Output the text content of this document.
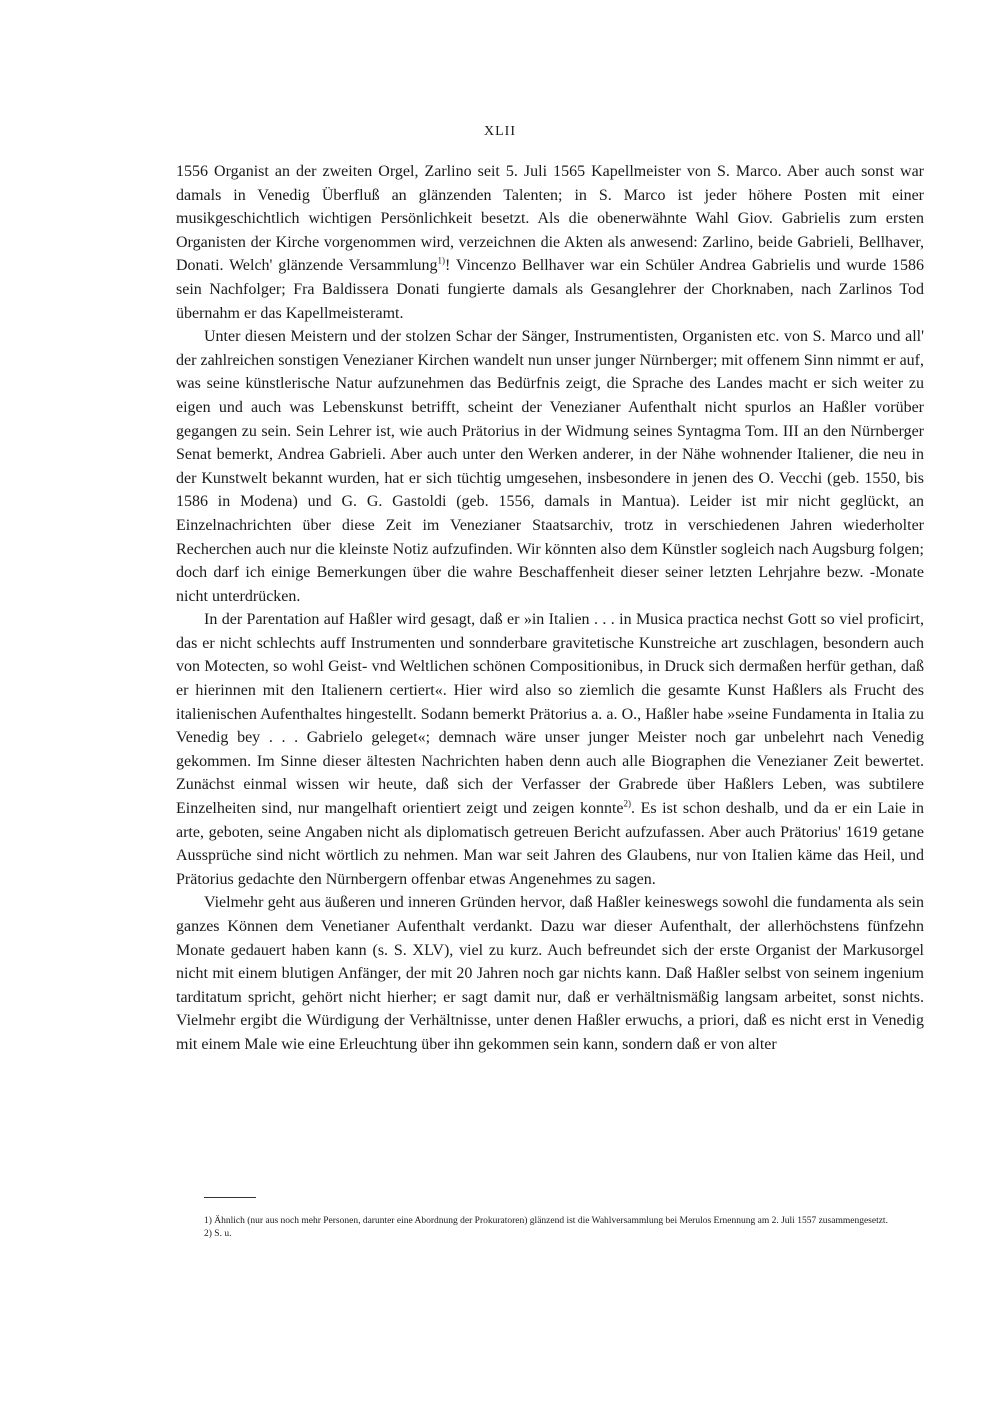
XLII

1556 Organist an der zweiten Orgel, Zarlino seit 5. Juli 1565 Kapellmeister von S. Marco. Aber auch sonst war damals in Venedig Überfluß an glänzenden Talenten; in S. Marco ist jeder höhere Posten mit einer musikgeschichtlich wichtigen Persönlichkeit besetzt. Als die obenerwähnte Wahl Giov. Gabrielis zum ersten Organisten der Kirche vorgenommen wird, verzeichnen die Akten als anwesend: Zarlino, beide Gabrieli, Bellhaver, Donati. Welch' glänzende Versammlung$^{1)}$! Vincenzo Bellhaver war ein Schüler Andrea Gabrielis und wurde 1586 sein Nachfolger; Fra Baldissera Donati fungierte damals als Gesanglehrer der Chorknaben, nach Zarlinos Tod übernahm er das Kapellmeisteramt.

Unter diesen Meistern und der stolzen Schar der Sänger, Instrumentisten, Organisten etc. von S. Marco und all' der zahlreichen sonstigen Venezianer Kirchen wandelt nun unser junger Nürnberger; mit offenem Sinn nimmt er auf, was seine künstlerische Natur aufzunehmen das Bedürfnis zeigt, die Sprache des Landes macht er sich weiter zu eigen und auch was Lebenskunst betrifft, scheint der Venezianer Aufenthalt nicht spurlos an Haßler vorüber gegangen zu sein. Sein Lehrer ist, wie auch Prätorius in der Widmung seines Syntagma Tom. III an den Nürnberger Senat bemerkt, Andrea Gabrieli. Aber auch unter den Werken anderer, in der Nähe wohnender Italiener, die neu in der Kunstwelt bekannt wurden, hat er sich tüchtig umgesehen, insbesondere in jenen des O. Vecchi (geb. 1550, bis 1586 in Modena) und G. G. Gastoldi (geb. 1556, damals in Mantua). Leider ist mir nicht geglückt, an Einzelnachrichten über diese Zeit im Venezianer Staatsarchiv, trotz in verschiedenen Jahren wiederholter Recherchen auch nur die kleinste Notiz aufzufinden. Wir könnten also dem Künstler sogleich nach Augsburg folgen; doch darf ich einige Bemerkungen über die wahre Beschaffenheit dieser seiner letzten Lehrjahre bezw. -Monate nicht unterdrücken.

In der Parentation auf Haßler wird gesagt, daß er »in Italien . . . in Musica practica nechst Gott so viel proficirt, das er nicht schlechts auff Instrumenten und sonnderbare gravitetische Kunstreiche art zuschlagen, besondern auch von Motecten, so wohl Geist- vnd Weltlichen schönen Compositionibus, in Druck sich dermaßen herfür gethan, daß er hierinnen mit den Italienern certiert«. Hier wird also so ziemlich die gesamte Kunst Haßlers als Frucht des italienischen Aufenthaltes hingestellt. Sodann bemerkt Prätorius a. a. O., Haßler habe »seine Fundamenta in Italia zu Venedig bey . . . Gabrielo geleget«; demnach wäre unser junger Meister noch gar unbelehrt nach Venedig gekommen. Im Sinne dieser ältesten Nachrichten haben denn auch alle Biographen die Venezianer Zeit bewertet. Zunächst einmal wissen wir heute, daß sich der Verfasser der Grabrede über Haßlers Leben, was subtilere Einzelheiten sind, nur mangelhaft orientiert zeigt und zeigen konnte$^{2)}$. Es ist schon deshalb, und da er ein Laie in arte, geboten, seine Angaben nicht als diplomatisch getreuen Bericht aufzufassen. Aber auch Prätorius' 1619 getane Aussprüche sind nicht wörtlich zu nehmen. Man war seit Jahren des Glaubens, nur von Italien käme das Heil, und Prätorius gedachte den Nürnbergern offenbar etwas Angenehmes zu sagen.

Vielmehr geht aus äußeren und inneren Gründen hervor, daß Haßler keineswegs sowohl die fundamenta als sein ganzes Können dem Venetianer Aufenthalt verdankt. Dazu war dieser Aufenthalt, der allerhöchstens fünfzehn Monate gedauert haben kann (s. S. XLV), viel zu kurz. Auch befreundet sich der erste Organist der Markusorgel nicht mit einem blutigen Anfänger, der mit 20 Jahren noch gar nichts kann. Daß Haßler selbst von seinem ingenium tarditatum spricht, gehört nicht hierher; er sagt damit nur, daß er verhältnismäßig langsam arbeitet, sonst nichts. Vielmehr ergibt die Würdigung der Verhältnisse, unter denen Haßler erwuchs, a priori, daß es nicht erst in Venedig mit einem Male wie eine Erleuchtung über ihn gekommen sein kann, sondern daß er von alter

1) Ähnlich (nur aus noch mehr Personen, darunter eine Abordnung der Prokuratoren) glänzend ist die Wahlversammlung bei Merulos Ernennung am 2. Juli 1557 zusammengesetzt.

2) S. u.
